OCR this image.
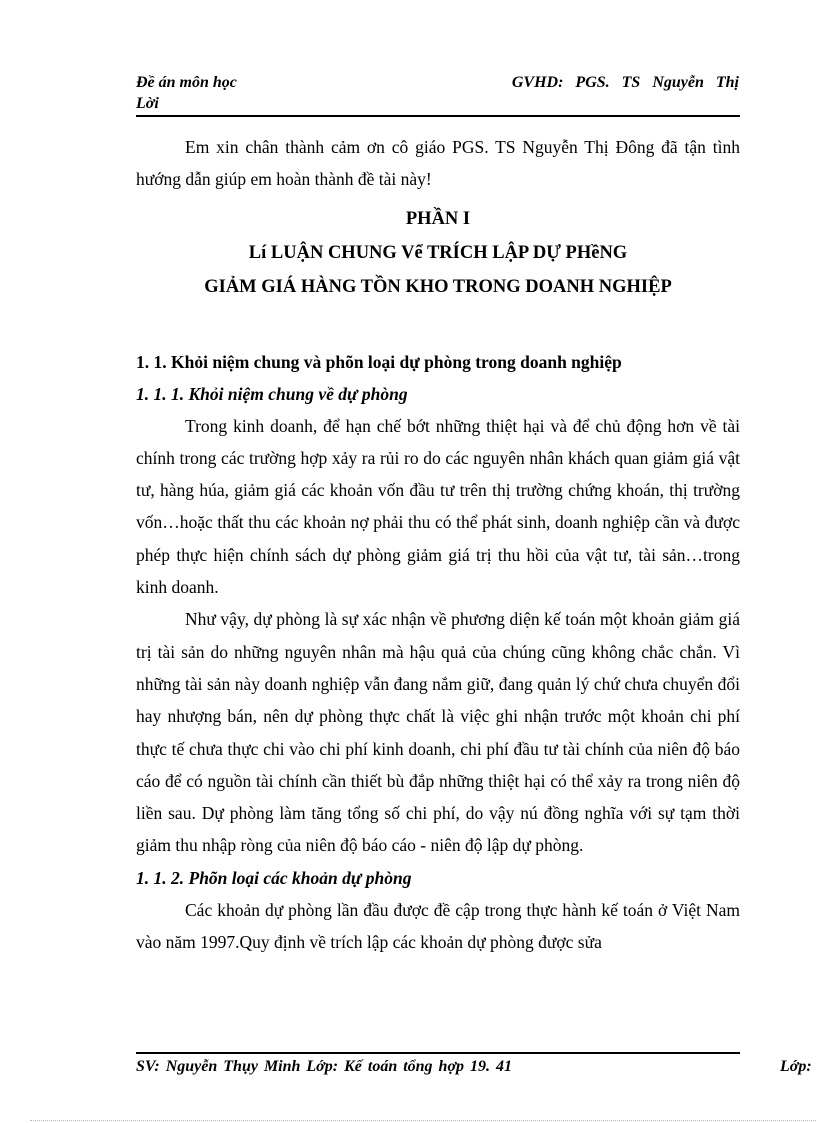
Đề án môn học
Lời
GVHD: PGS. TS Nguyễn Thị

Em xin chân thành cảm ơn cô giáo PGS. TS Nguyễn Thị Đông đã tận tình hướng dẫn giúp em hoàn thành đề tài này!

PHẦN I

Lí LUẬN CHUNG Vể TRÍCH LẬP DỰ PHềNG

GIẢM GIÁ HÀNG TỒN KHO TRONG DOANH NGHIỆP

1. 1. Khỏi niệm chung và phõn loại dự phòng trong doanh nghiệp

1. 1. 1. Khỏi niệm chung về dự phòng

Trong kinh doanh, để hạn chế bớt những thiệt hại và để chủ động hơn về tài chính trong các trường hợp xảy ra rủi ro do các nguyên nhân khách quan giảm giá vật tư, hàng húa, giảm giá các khoản vốn đầu tư trên thị trường chứng khoán, thị trường vốn…hoặc thất thu các khoản nợ phải thu có thể phát sinh, doanh nghiệp cần và được phép thực hiện chính sách dự phòng giảm giá trị thu hồi của vật tư, tài sản…trong kinh doanh.

Như vậy, dự phòng là sự xác nhận về phương diện kế toán một khoản giảm giá trị tài sản do những nguyên nhân mà hậu quả của chúng cũng không chắc chắn. Vì những tài sản này doanh nghiệp vẫn đang nắm giữ, đang quản lý chứ chưa chuyển đổi hay nhượng bán, nên dự phòng thực chất là việc ghi nhận trước một khoản chi phí thực tế chưa thực chi vào chi phí kinh doanh, chi phí đầu tư tài chính của niên độ báo cáo để có nguồn tài chính cần thiết bù đắp những thiệt hại có thể xảy ra trong niên độ liền sau. Dự phòng làm tăng tổng số chi phí, do vậy nú đồng nghĩa với sự tạm thời giảm thu nhập ròng của niên độ báo cáo - niên độ lập dự phòng.

1. 1. 2. Phõn loại các khoản dự phòng

Các khoản dự phòng lần đầu được đề cập trong thực hành kế toán ở Việt Nam vào năm 1997.Quy định về trích lập các khoản dự phòng được sửa

SV: Nguyễn Thụy Minh Lớp: Kế toán tổng hợp 19. 41	Lớp:
